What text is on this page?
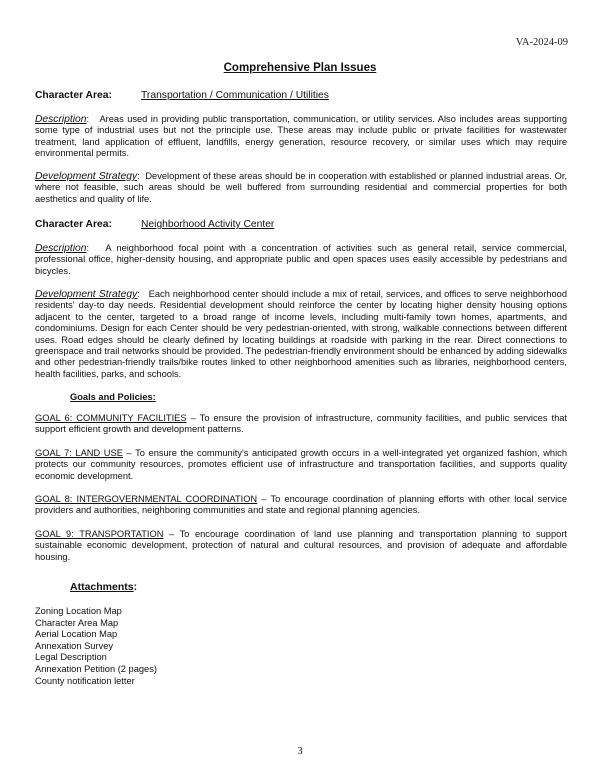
VA-2024-09
Comprehensive Plan Issues
Character Area:	Transportation / Communication / Utilities
Description:   Areas used in providing public transportation, communication, or utility services. Also includes areas supporting some type of industrial uses but not the principle use. These areas may include public or private facilities for wastewater treatment, land application of effluent, landfills, energy generation, resource recovery, or similar uses which may require environmental permits.
Development Strategy:  Development of these areas should be in cooperation with established or planned industrial areas. Or, where not feasible, such areas should be well buffered from surrounding residential and commercial properties for both aesthetics and quality of life.
Character Area:	Neighborhood Activity Center
Description:   A neighborhood focal point with a concentration of activities such as general retail, service commercial, professional office, higher-density housing, and appropriate public and open spaces uses easily accessible by pedestrians and bicycles.
Development Strategy:   Each neighborhood center should include a mix of retail, services, and offices to serve neighborhood residents' day-to day needs. Residential development should reinforce the center by locating higher density housing options adjacent to the center, targeted to a broad range of income levels, including multi-family town homes, apartments, and condominiums. Design for each Center should be very pedestrian-oriented, with strong, walkable connections between different uses. Road edges should be clearly defined by locating buildings at roadside with parking in the rear. Direct connections to greenspace and trail networks should be provided. The pedestrian-friendly environment should be enhanced by adding sidewalks and other pedestrian-friendly trails/bike routes linked to other neighborhood amenities such as libraries, neighborhood centers, health facilities, parks, and schools.
Goals and Policies:
GOAL 6: COMMUNITY FACILITIES – To ensure the provision of infrastructure, community facilities, and public services that support efficient growth and development patterns.
GOAL 7: LAND USE – To ensure the community's anticipated growth occurs in a well-integrated yet organized fashion, which protects our community resources, promotes efficient use of infrastructure and transportation facilities, and supports quality economic development.
GOAL 8: INTERGOVERNMENTAL COORDINATION – To encourage coordination of planning efforts with other local service providers and authorities, neighboring communities and state and regional planning agencies.
GOAL 9: TRANSPORTATION – To encourage coordination of land use planning and transportation planning to support sustainable economic development, protection of natural and cultural resources, and provision of adequate and affordable housing.
Attachments:
Zoning Location Map
Character Area Map
Aerial Location Map
Annexation Survey
Legal Description
Annexation Petition (2 pages)
County notification letter
3
